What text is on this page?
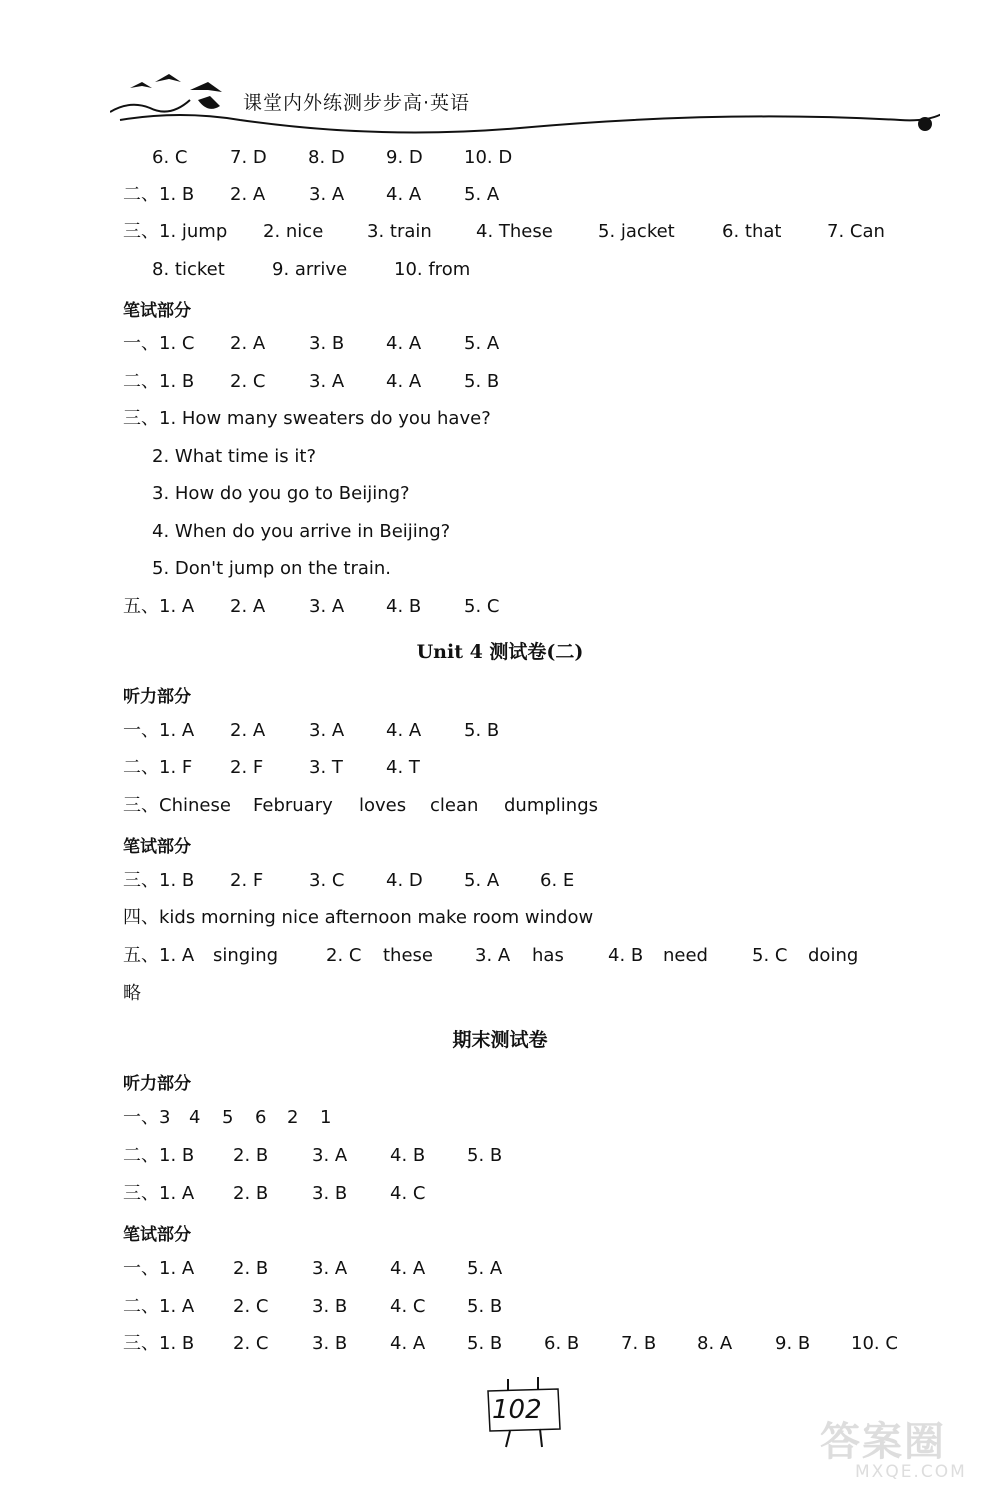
课堂内外练测步步高·英语
6. C 7. D 8. D 9. D 10. D
二、1. B 2. A 3. A 4. A 5. A
三、1. jump 2. nice 3. train 4. These	5. jacket	6. that	7. Can
8. ticket	9. arrive	10. from
一、1. C 2. A 3. B 4. A 5. A
二、1. B 2. C 3. A 4. A 5. B
三、1. How many sweaters do you have?
2. What time is it?
3. How do you go to Beijing?
4. When do you arrive in Beijing?
5. Don't jump on the train.
五、1. A 2. A 3. A 4. B 5. C
一、1. A 2. A 3. A 4. A 5. B
二、1. F 2. F	3. T 4. T
三、Chinese February loves clean dumplings
三、1. B 2. F	3. C 4. D 5. A 6. E
四、kids morning nice afternoon make room window
五、1. A singing	2. C these 3. A has 4. B need 5. C doing
略
一、3 4 5 6 2 1
二、1. B 2. B 3. A 4. B 5. B
三、1. A 2. B 3. B 4. C
一、1. A 2. B 3. A 4. A 5. A
二、1. A 2. C 3. B 4. C 5. B
三、1. B 2. C 3. B 4. A 5. B 6. B 7. B 8. A 9. B 10. C
笔试部分
听力部分
笔试部分
听力部分
笔试部分
Unit 4 测试卷(二)
期末测试卷
102
答案圈
MXQE.COM
